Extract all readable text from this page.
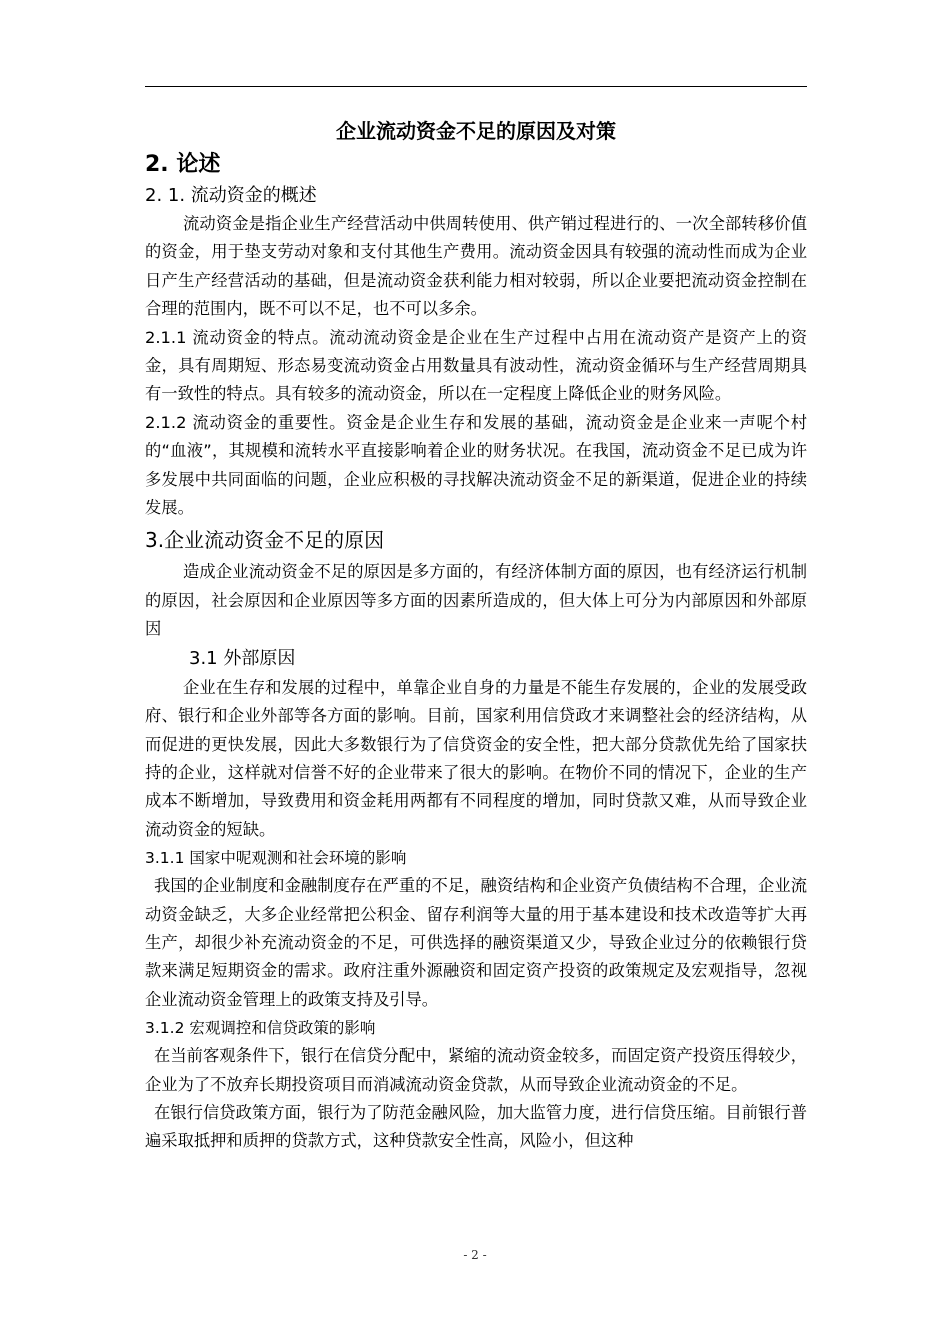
企业流动资金不足的原因及对策

2. 论述

2. 1. 流动资金的概述

流动资金是指企业生产经营活动中供周转使用、供产销过程进行的、一次全部转移价值的资金，用于垫支劳动对象和支付其他生产费用。流动资金因具有较强的流动性而成为企业日产生产经营活动的基础，但是流动资金获利能力相对较弱，所以企业要把流动资金控制在合理的范围内，既不可以不足，也不可以多余。

2.1.1 流动资金的特点。流动流动资金是企业在生产过程中占用在流动资产是资产上的资金，具有周期短、形态易变流动资金占用数量具有波动性，流动资金循环与生产经营周期具有一致性的特点。具有较多的流动资金，所以在一定程度上降低企业的财务风险。

2.1.2 流动资金的重要性。资金是企业生存和发展的基础，流动资金是企业来一声呢个村的“血液”，其规模和流转水平直接影响着企业的财务状况。在我国，流动资金不足已成为许多发展中共同面临的问题，企业应积极的寻找解决流动资金不足的新渠道，促进企业的持续发展。

3.企业流动资金不足的原因

造成企业流动资金不足的原因是多方面的，有经济体制方面的原因，也有经济运行机制的原因，社会原因和企业原因等多方面的因素所造成的，但大体上可分为内部原因和外部原因

3.1 外部原因

企业在生存和发展的过程中，单靠企业自身的力量是不能生存发展的，企业的发展受政府、银行和企业外部等各方面的影响。目前，国家利用信贷政才来调整社会的经济结构，从而促进的更快发展，因此大多数银行为了信贷资金的安全性，把大部分贷款优先给了国家扶持的企业，这样就对信誉不好的企业带来了很大的影响。在物价不同的情况下，企业的生产成本不断增加，导致费用和资金耗用两都有不同程度的增加，同时贷款又难，从而导致企业流动资金的短缺。

3.1.1 国家中呢观测和社会环境的影响

我国的企业制度和金融制度存在严重的不足，融资结构和企业资产负债结构不合理，企业流动资金缺乏，大多企业经常把公积金、留存利润等大量的用于基本建设和技术改造等扩大再生产，却很少补充流动资金的不足，可供选择的融资渠道又少，导致企业过分的依赖银行贷款来满足短期资金的需求。政府注重外源融资和固定资产投资的政策规定及宏观指导，忽视企业流动资金管理上的政策支持及引导。

3.1.2 宏观调控和信贷政策的影响

在当前客观条件下，银行在信贷分配中，紧缩的流动资金较多，而固定资产投资压得较少，企业为了不放弃长期投资项目而消减流动资金贷款，从而导致企业流动资金的不足。

在银行信贷政策方面，银行为了防范金融风险，加大监管力度，进行信贷压缩。目前银行普遍采取抵押和质押的贷款方式，这种贷款安全性高，风险小，但这种

- 2 -
